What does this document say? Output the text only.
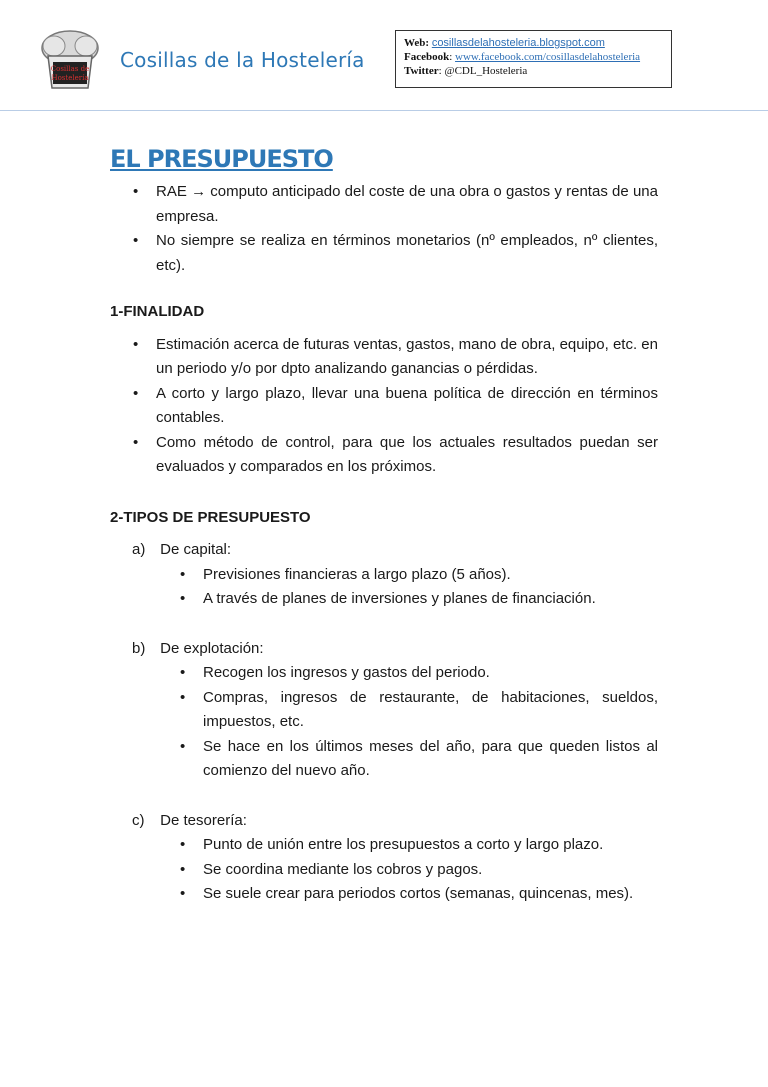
Cosillas de
Hostelería
Cosillas de la Hostelería
Web: cosillasdelahosteleria.blogspot.com
Facebook: www.facebook.com/cosillasdelahosteleria
Twitter: @CDL_Hosteleria
EL PRESUPUESTO
• RAE → computo anticipado del coste de una obra o gastos y rentas de una empresa.
• No siempre se realiza en términos monetarios (nº empleados, nº clientes, etc).
1-FINALIDAD
• Estimación acerca de futuras ventas, gastos, mano de obra, equipo, etc. en un periodo y/o por dpto analizando ganancias o pérdidas.
• A corto y largo plazo, llevar una buena política de dirección en términos contables.
• Como método de control, para que los actuales resultados puedan ser evaluados y comparados en los próximos.
2-TIPOS DE PRESUPUESTO
a) De capital:
• Previsiones financieras a largo plazo (5 años).
• A través de planes de inversiones y planes de financiación.
b) De explotación:
• Recogen los ingresos y gastos del periodo.
• Compras, ingresos de restaurante, de habitaciones, sueldos, impuestos, etc.
• Se hace en los últimos meses del año, para que queden listos al comienzo del nuevo año.
c) De tesorería:
• Punto de unión entre los presupuestos a corto y largo plazo.
• Se coordina mediante los cobros y pagos.
• Se suele crear para periodos cortos (semanas, quincenas, mes).
